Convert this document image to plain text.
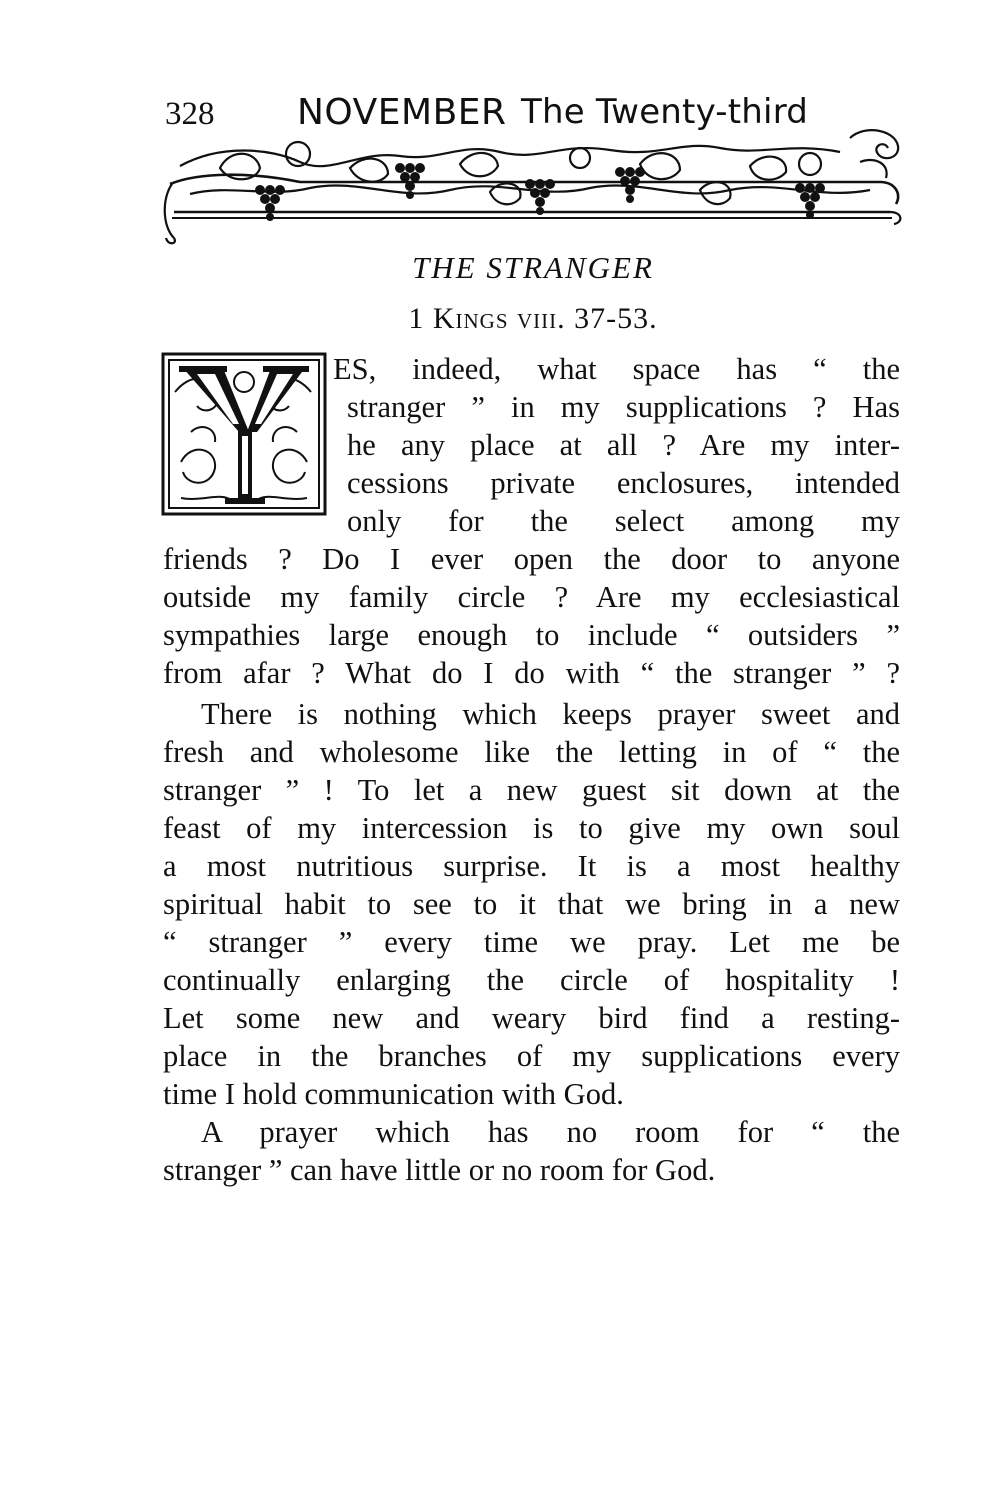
328 NOVEMBER The Twenty-third
THE STRANGER
1 Kings viii. 37-53.
ES, indeed, what space has “ the
stranger ” in my supplications ? Has
he any place at all ? Are my inter-
cessions private enclosures, intended
only for the select among my
friends ? Do I ever open the door to anyone
outside my family circle ? Are my ecclesiastical
sympathies large enough to include “ outsiders ”
from afar ? What do I do with “ the stranger ” ?
There is nothing which keeps prayer sweet and
fresh and wholesome like the letting in of “ the
stranger ” ! To let a new guest sit down at the
feast of my intercession is to give my own soul
a most nutritious surprise. It is a most healthy
spiritual habit to see to it that we bring in a new
“ stranger ” every time we pray. Let me be
continually enlarging the circle of hospitality !
Let some new and weary bird find a resting-
place in the branches of my supplications every
time I hold communication with God.
A prayer which has no room for “ the
stranger ” can have little or no room for God.
